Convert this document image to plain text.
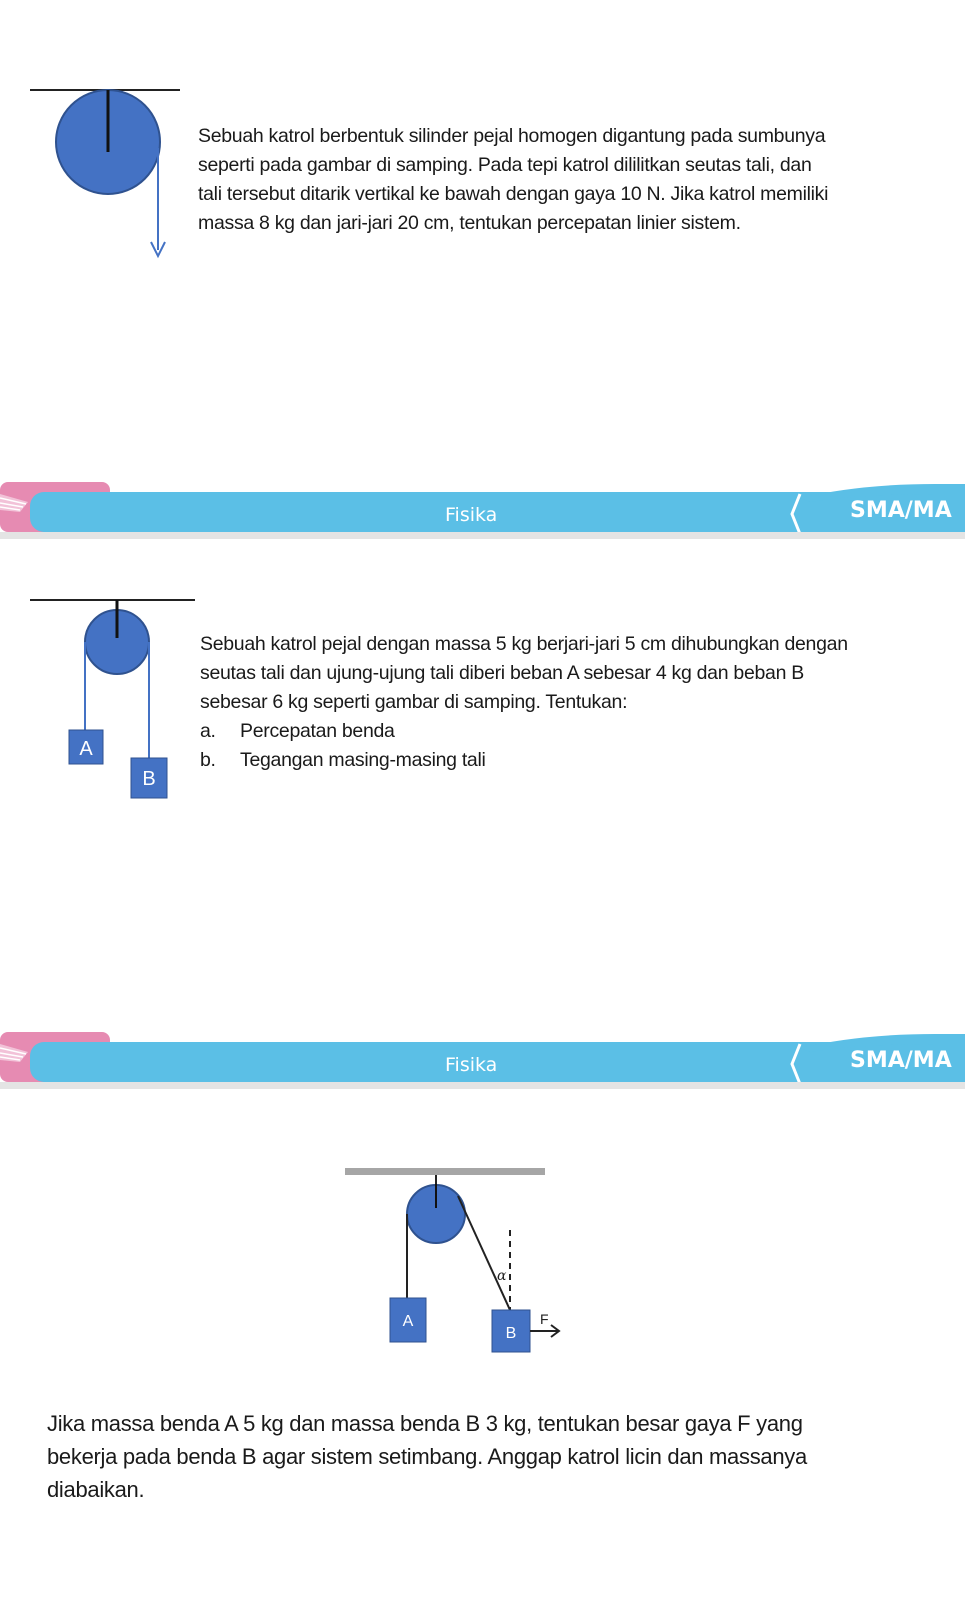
Sebuah katrol berbentuk silinder pejal homogen digantung pada sumbunya

seperti pada gambar di samping. Pada tepi katrol dililitkan seutas tali, dan

tali tersebut ditarik vertikal ke bawah dengan gaya 10 N. Jika katrol memiliki

massa 8 kg dan jari-jari 20 cm, tentukan percepatan linier sistem.

Fisika	SMA/MA
A
B

Sebuah katrol pejal dengan massa 5 kg berjari-jari 5 cm dihubungkan dengan

seutas tali dan ujung-ujung tali diberi beban A sebesar 4 kg dan beban B

sebesar 6 kg seperti gambar di samping. Tentukan:

a. Percepatan benda

b. Tegangan masing-masing tali

Fisika	SMA/MA
α
A
B
F

Jika massa benda A 5 kg dan massa benda B 3 kg, tentukan besar gaya F yang

bekerja pada benda B agar sistem setimbang. Anggap katrol licin dan massanya

diabaikan.
